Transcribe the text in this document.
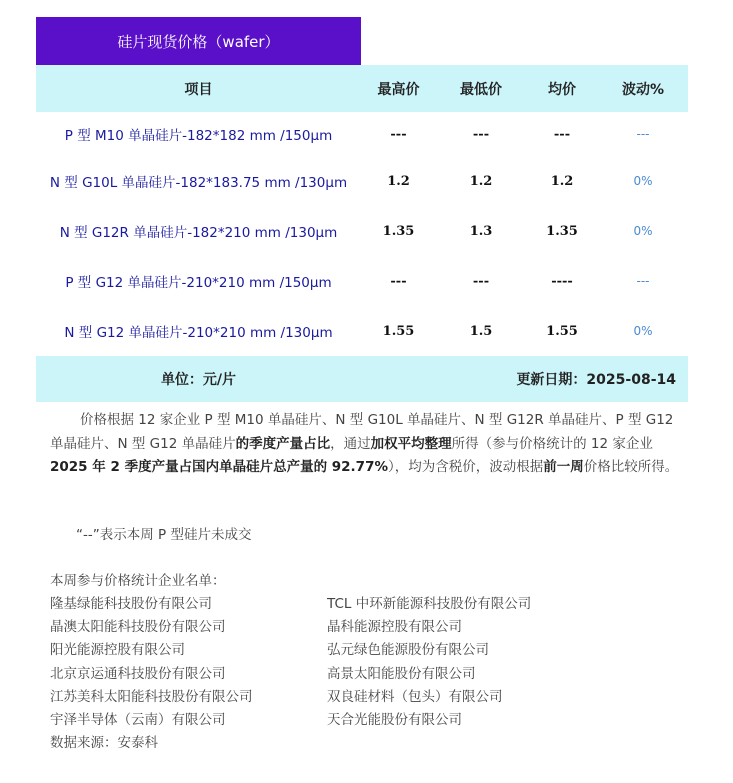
硅片现货价格（wafer）
项目	最高价	最低价	均价	波动%
P 型 M10 单晶硅片-182*182 mm /150μm	---	---	---	---
N 型 G10L 单晶硅片-182*183.75 mm /130μm	1.2	1.2	1.2	0%
N 型 G12R 单晶硅片-182*210 mm /130μm	1.35	1.3	1.35	0%
P 型 G12 单晶硅片-210*210 mm /150μm	---	---	----	---
N 型 G12 单晶硅片-210*210 mm /130μm	1.55	1.5	1.55	0%
单位：元/片	更新日期：2025-08-14
价格根据 12 家企业 P 型 M10 单晶硅片、N 型 G10L 单晶硅片、N 型 G12R 单晶硅片、P 型 G12 单晶硅片、N 型 G12 单晶硅片的季度产量占比，通过加权平均整理所得（参与价格统计的 12 家企业 2025 年 2 季度产量占国内单晶硅片总产量的 92.77%），均为含税价，波动根据前一周价格比较所得。
“--”表示本周 P 型硅片未成交
本周参与价格统计企业名单：
隆基绿能科技股份有限公司	TCL 中环新能源科技股份有限公司
晶澳太阳能科技股份有限公司	晶科能源控股有限公司
阳光能源控股有限公司	弘元绿色能源股份有限公司
北京京运通科技股份有限公司	高景太阳能股份有限公司
江苏美科太阳能科技股份有限公司	双良硅材料（包头）有限公司
宇泽半导体（云南）有限公司	天合光能股份有限公司
数据来源：安泰科
